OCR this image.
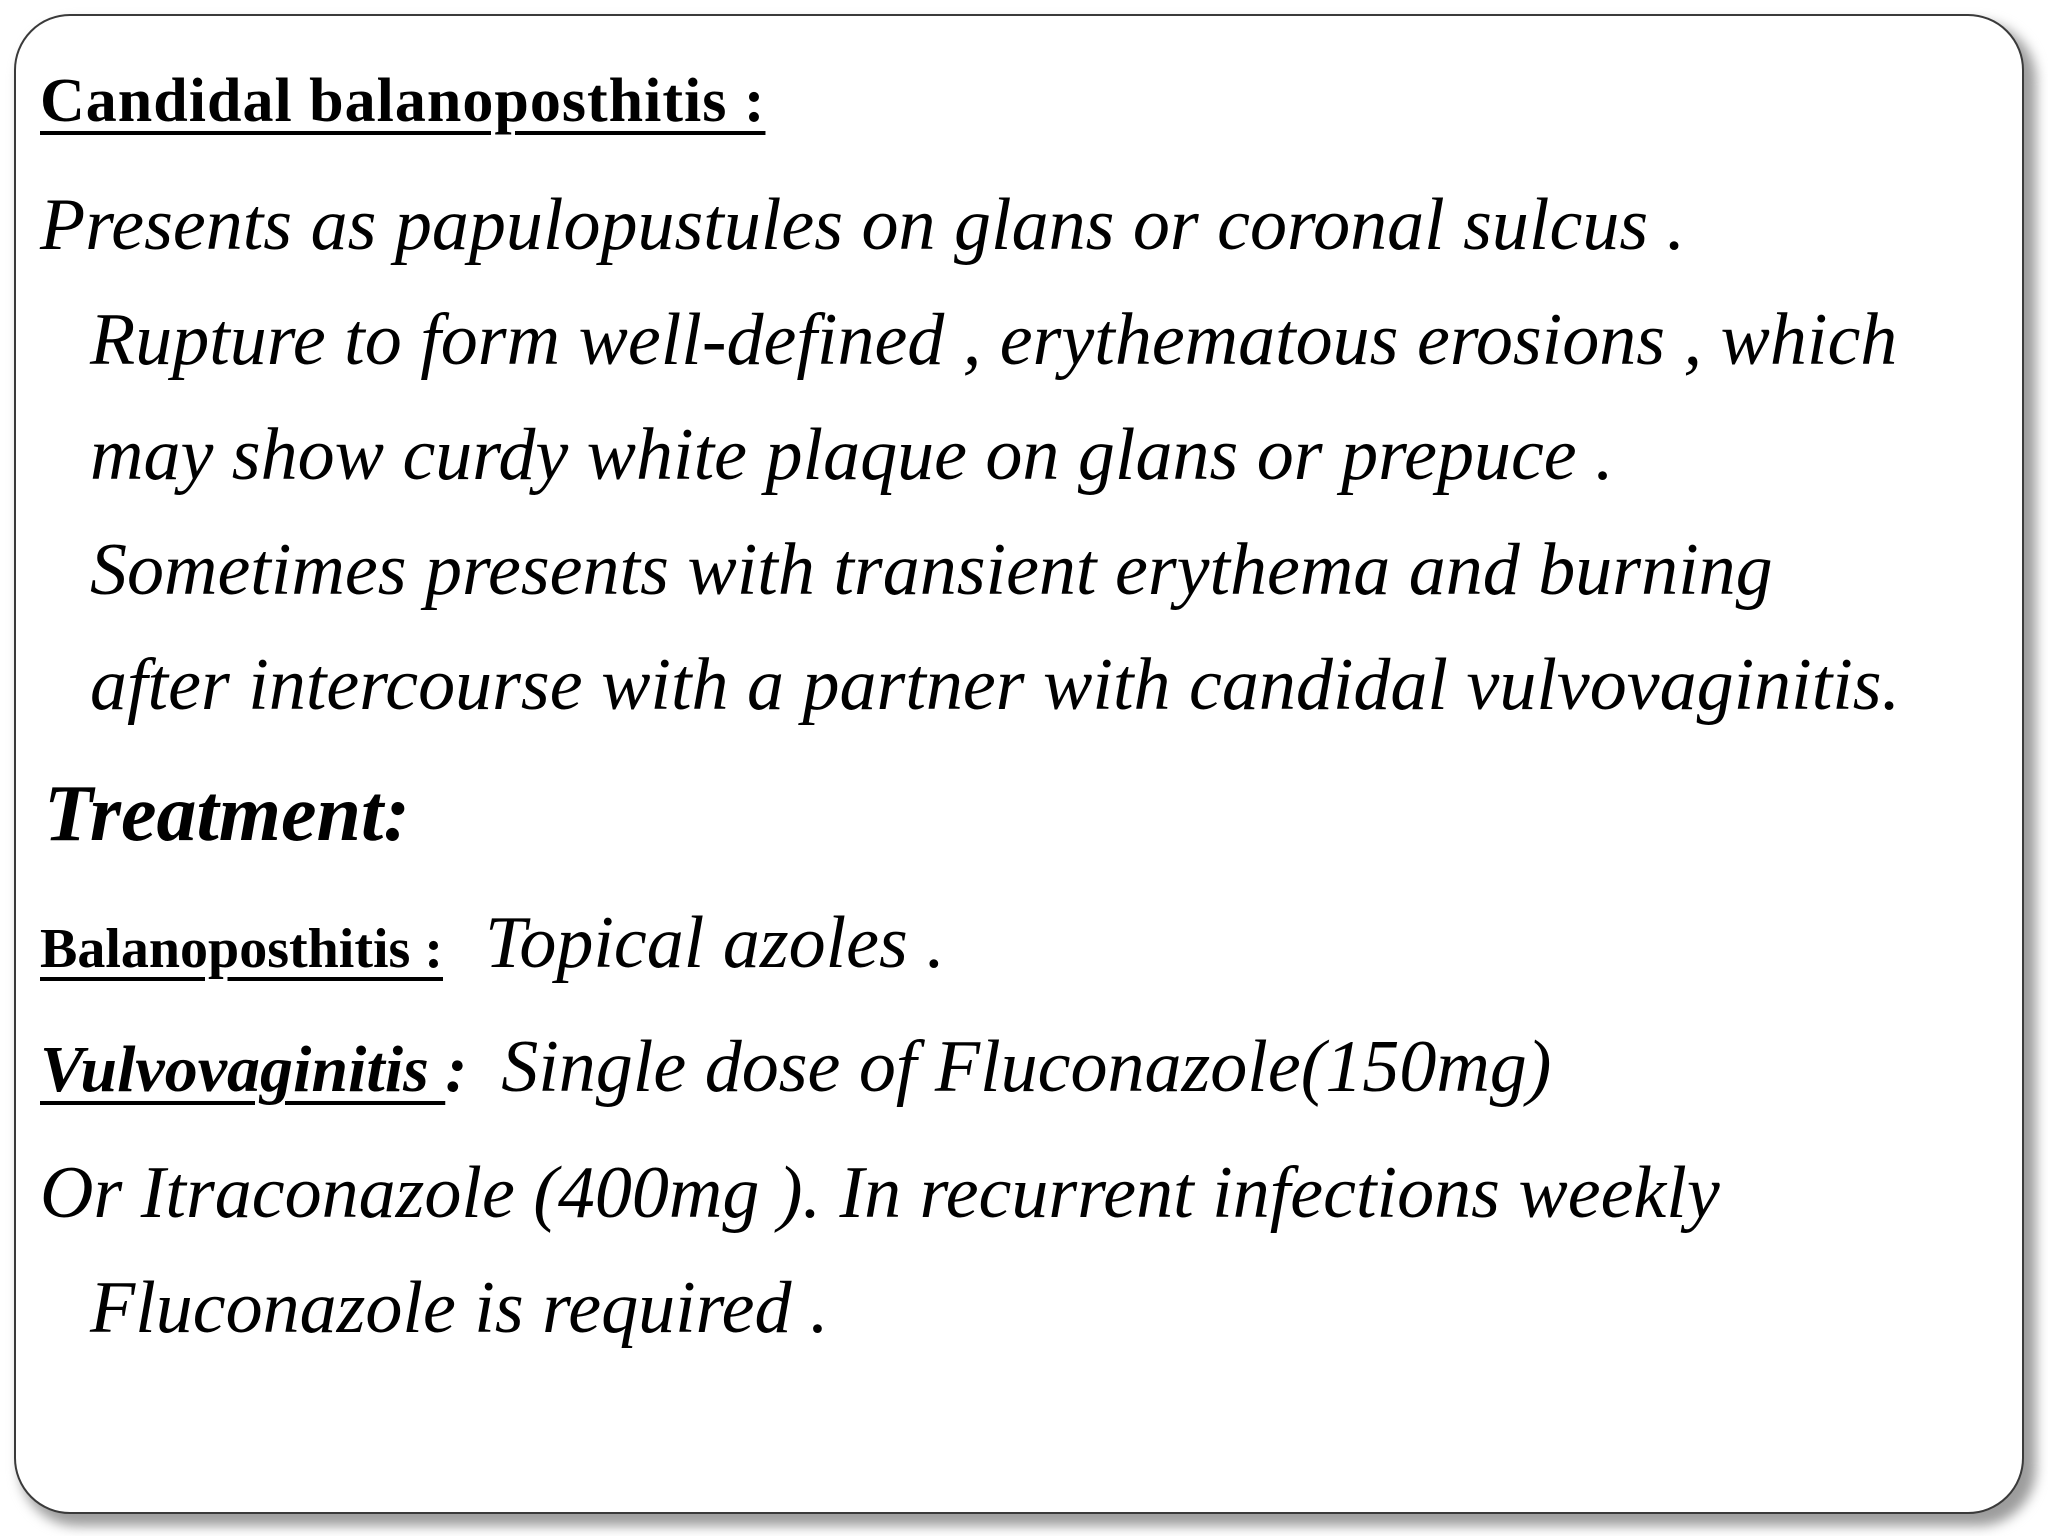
Candidal balanoposthitis :
Presents as papulopustules on glans or coronal sulcus .
Rupture to form well-defined , erythematous erosions , which
may show curdy white plaque on glans or prepuce .
Sometimes presents with transient erythema and burning
after intercourse with a partner with candidal vulvovaginitis.
Treatment:
Balanoposthitis : Topical azoles .
Vulvovaginitis : Single dose of Fluconazole(150mg)
Or Itraconazole (400mg ). In recurrent infections weekly
Fluconazole is required .
